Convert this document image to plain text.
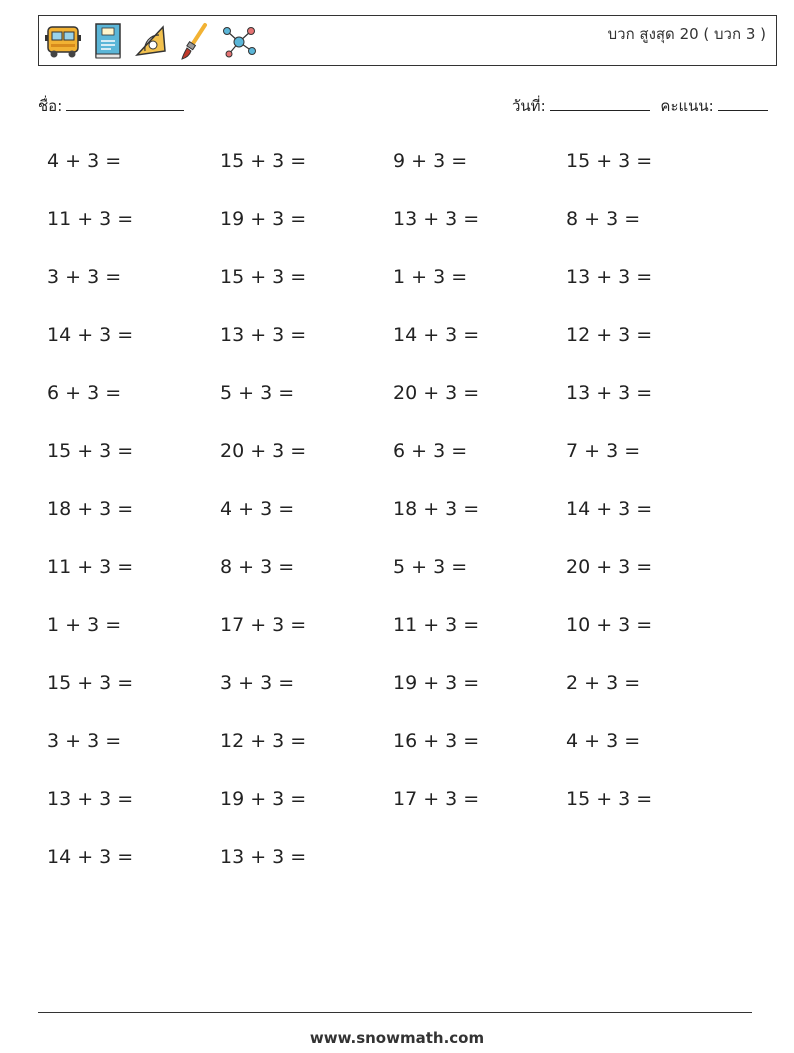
บวก สูงสุด 20 ( บวก 3 )
ชื่อ:	วันที่:	คะแนน:
4 + 3 =	15 + 3 =	9 + 3 =	15 + 3 =
11 + 3 =	19 + 3 =	13 + 3 =	8 + 3 =
3 + 3 =	15 + 3 =	1 + 3 =	13 + 3 =
14 + 3 =	13 + 3 =	14 + 3 =	12 + 3 =
6 + 3 =	5 + 3 =	20 + 3 =	13 + 3 =
15 + 3 =	20 + 3 =	6 + 3 =	7 + 3 =
18 + 3 =	4 + 3 =	18 + 3 =	14 + 3 =
11 + 3 =	8 + 3 =	5 + 3 =	20 + 3 =
1 + 3 =	17 + 3 =	11 + 3 =	10 + 3 =
15 + 3 =	3 + 3 =	19 + 3 =	2 + 3 =
3 + 3 =	12 + 3 =	16 + 3 =	4 + 3 =
13 + 3 =	19 + 3 =	17 + 3 =	15 + 3 =
14 + 3 =	13 + 3 =
www.snowmath.com
